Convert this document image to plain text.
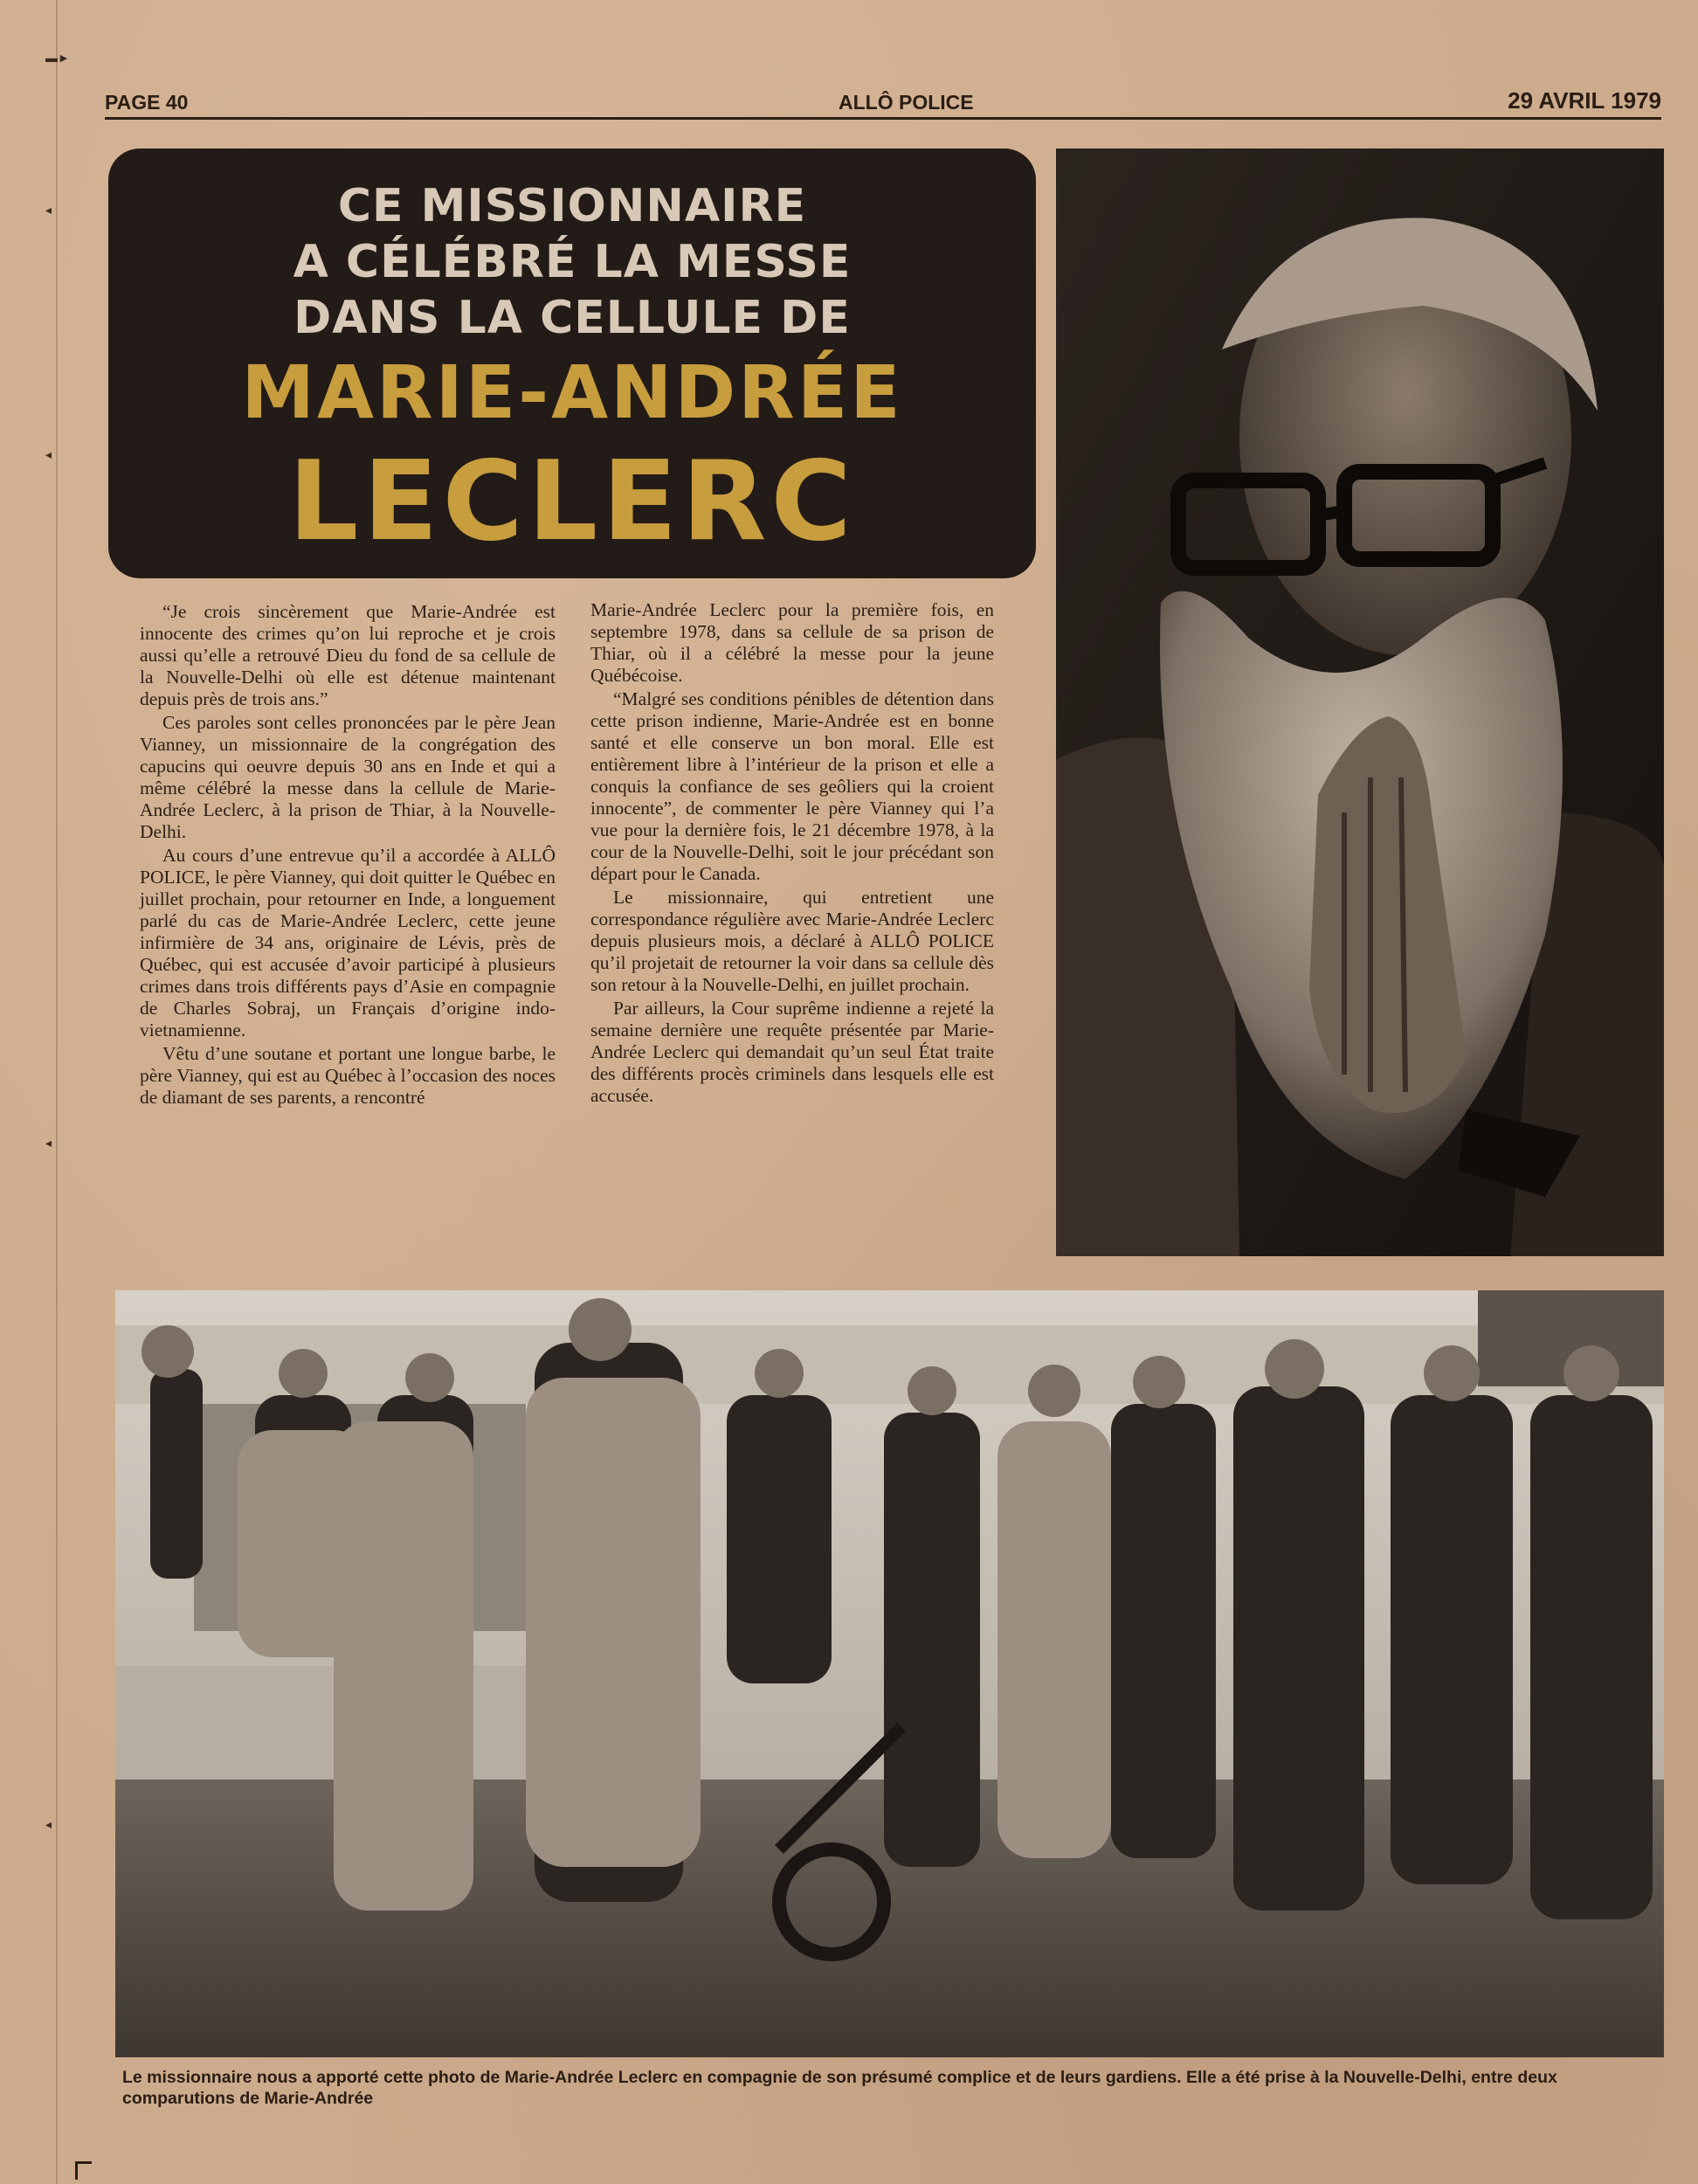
▬►
◂
◂
◂
◂
PAGE 40	ALLÔ POLICE	29 AVRIL 1979
CE MISSIONNAIRE
A CÉLÉBRÉ LA MESSE
DANS LA CELLULE DE
MARIE-ANDRÉE
LECLERC

“Je crois sincèrement que Marie-Andrée est innocente des crimes qu’on lui reproche et je crois aussi qu’elle a retrouvé Dieu du fond de sa cellule de la Nouvelle-Delhi où elle est détenue maintenant depuis près de trois ans.”

Ces paroles sont celles prononcées par le père Jean Vianney, un missionnaire de la congrégation des capucins qui oeuvre depuis 30 ans en Inde et qui a même célébré la messe dans la cellule de Marie-Andrée Leclerc, à la prison de Thiar, à la Nouvelle-Delhi.

Au cours d’une entrevue qu’il a accordée à ALLÔ POLICE, le père Vianney, qui doit quitter le Québec en juillet prochain, pour retourner en Inde, a longuement parlé du cas de Marie-Andrée Leclerc, cette jeune infirmière de 34 ans, originaire de Lévis, près de Québec, qui est accusée d’avoir participé à plusieurs crimes dans trois différents pays d’Asie en compagnie de Charles Sobraj, un Français d’origine indo-vietnamienne.

Vêtu d’une soutane et portant une longue barbe, le père Vianney, qui est au Québec à l’occasion des noces de diamant de ses parents, a rencontré

Marie-Andrée Leclerc pour la première fois, en septembre 1978, dans sa cellule de sa prison de Thiar, où il a célébré la messe pour la jeune Québécoise.

“Malgré ses conditions pénibles de détention dans cette prison indienne, Marie-Andrée est en bonne santé et elle conserve un bon moral. Elle est entièrement libre à l’intérieur de la prison et elle a conquis la confiance de ses geôliers qui la croient innocente”, de commenter le père Vianney qui l’a vue pour la dernière fois, le 21 décembre 1978, à la cour de la Nouvelle-Delhi, soit le jour précédant son départ pour le Canada.

Le missionnaire, qui entretient une correspondance régulière avec Marie-Andrée Leclerc depuis plusieurs mois, a déclaré à ALLÔ POLICE qu’il projetait de retourner la voir dans sa cellule dès son retour à la Nouvelle-Delhi, en juillet prochain.

Par ailleurs, la Cour suprême indienne a rejeté la semaine dernière une requête présentée par Marie-Andrée Leclerc qui demandait qu’un seul État traite des différents procès criminels dans lesquels elle est accusée.

Le missionnaire nous a apporté cette photo de Marie-Andrée Leclerc en compagnie de son présumé complice et de leurs gardiens. Elle a été prise à la Nouvelle-Delhi, entre deux comparutions de Marie-Andrée
